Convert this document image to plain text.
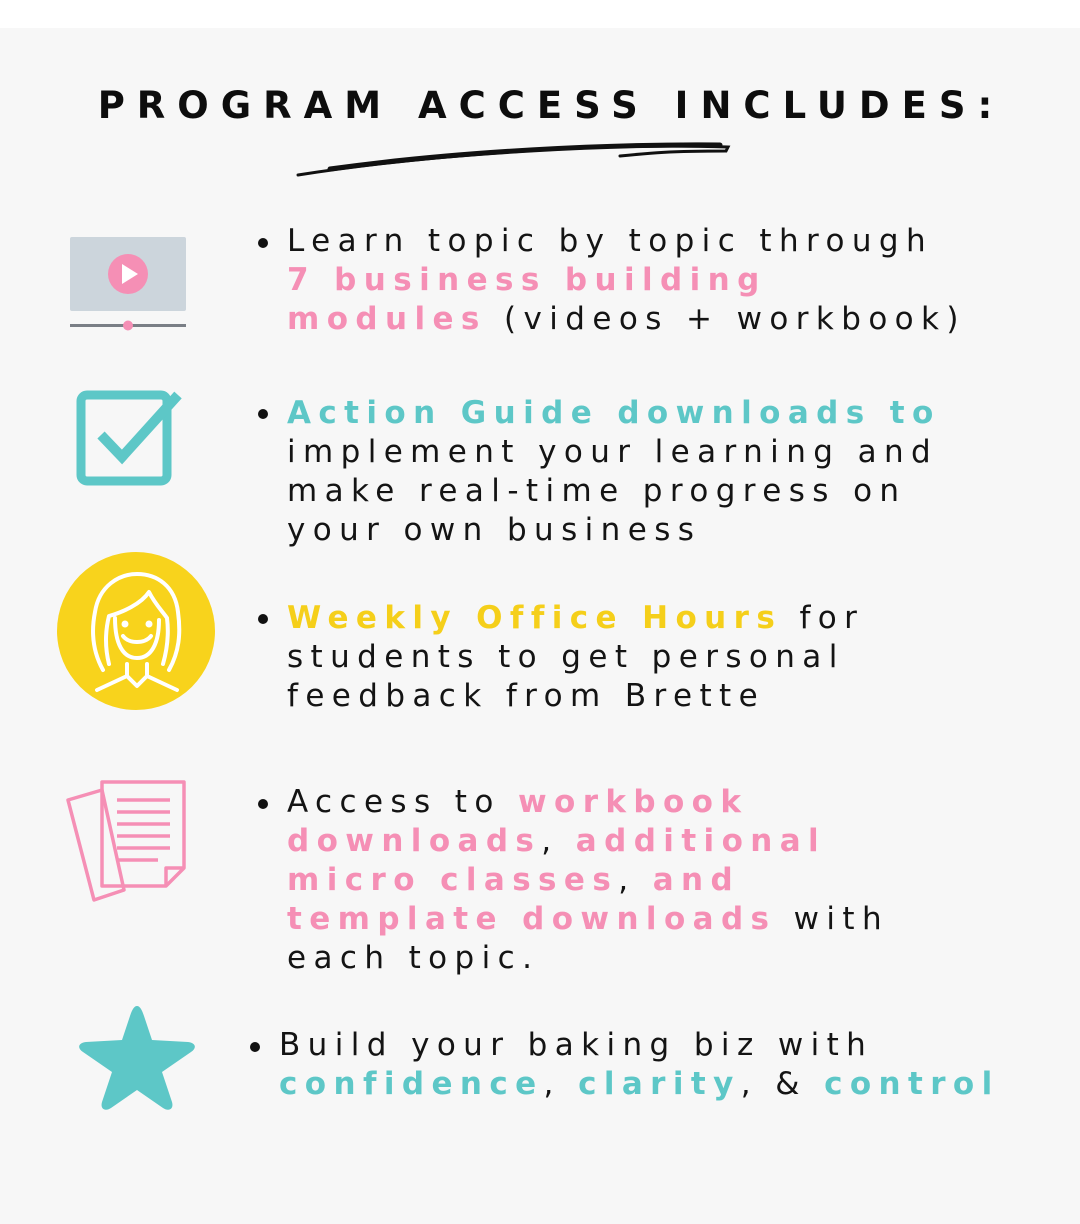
PROGRAM ACCESS INCLUDES:

Learn topic by topic through
7 business building
modules (videos + workbook)

Action Guide downloads to
implement your learning and
make real-time progress on
your own business

Weekly Office Hours for
students to get personal
feedback from Brette

Access to workbook
downloads, additional
micro classes, and
template downloads with
each topic.

Build your baking biz with
confidence, clarity, & control
